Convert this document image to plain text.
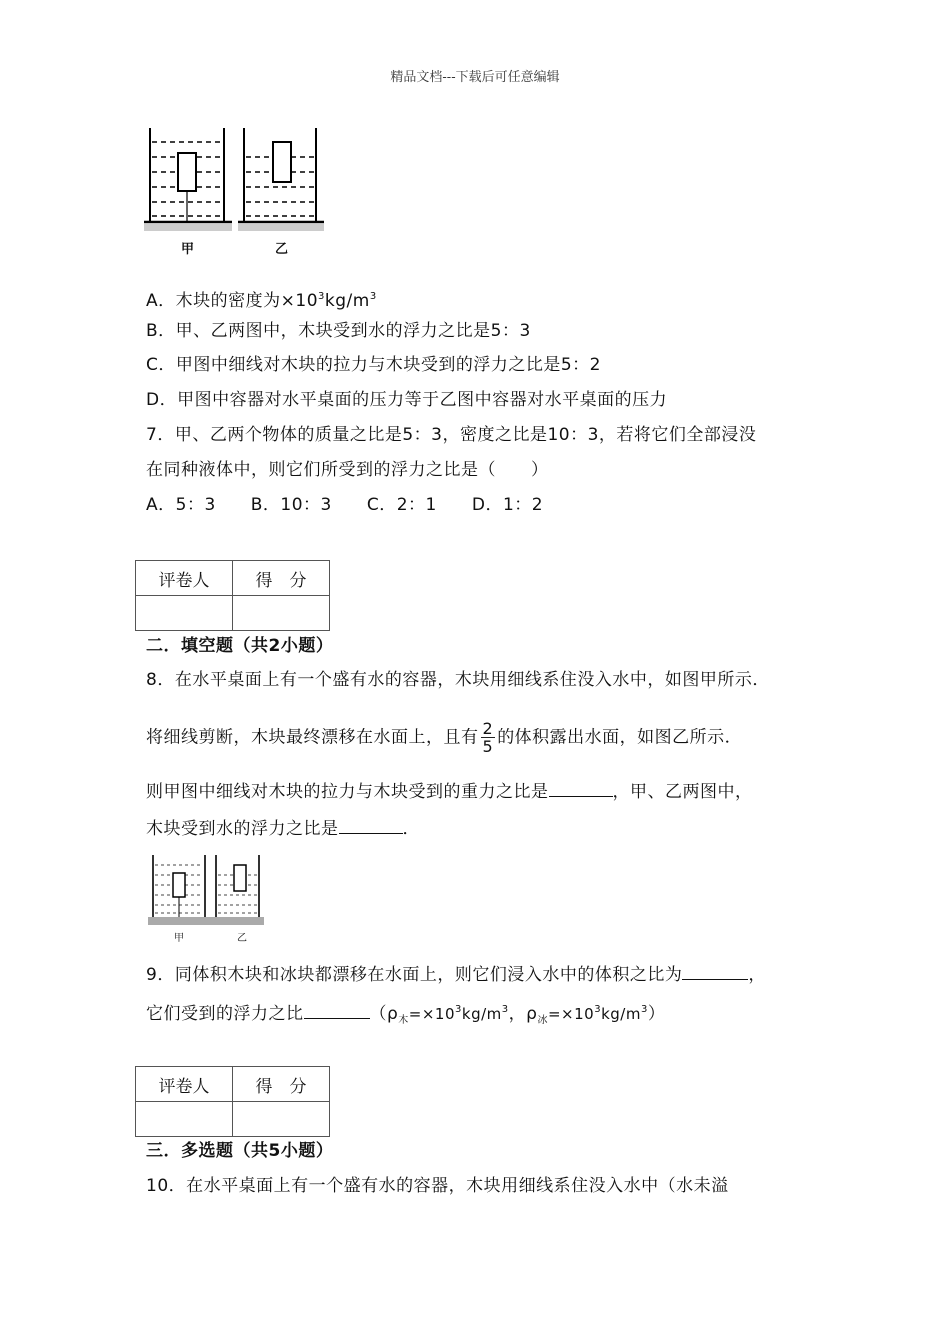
精品文档---下载后可任意编辑
甲	乙
A．木块的密度为$\times 10^3kg/m^3$
B．甲、乙两图中，木块受到水的浮力之比是5：3
C．甲图中细线对木块的拉力与木块受到的浮力之比是5：2
D．甲图中容器对水平桌面的压力等于乙图中容器对水平桌面的压力
7．甲、乙两个物体的质量之比是5：3，密度之比是10：3，若将它们全部浸没
在同种液体中，则它们所受到的浮力之比是（　　）
A．5：3　　B．10：3　　C．2：1　　D．1：2
评卷人	得　分

二．填空题（共2小题）
8．在水平桌面上有一个盛有水的容器，木块用细线系住没入水中，如图甲所示．
将细线剪断，木块最终漂移在水面上，且有 $\frac{2}{5}$ 的体积露出水面，如图乙所示．
则甲图中细线对木块的拉力与木块受到的重力之比是	，甲、乙两图中，
木块受到水的浮力之比是	．
甲	乙
9．同体积木块和冰块都漂移在水面上，则它们浸入水中的体积之比为	，
它们受到的浮力之比	（$\rho_木=\times 10^3kg/m^3$，$\rho_冰=\times 10^3kg/m^3$）
评卷人	得　分

三．多选题（共5小题）
10．在水平桌面上有一个盛有水的容器，木块用细线系住没入水中（水未溢
